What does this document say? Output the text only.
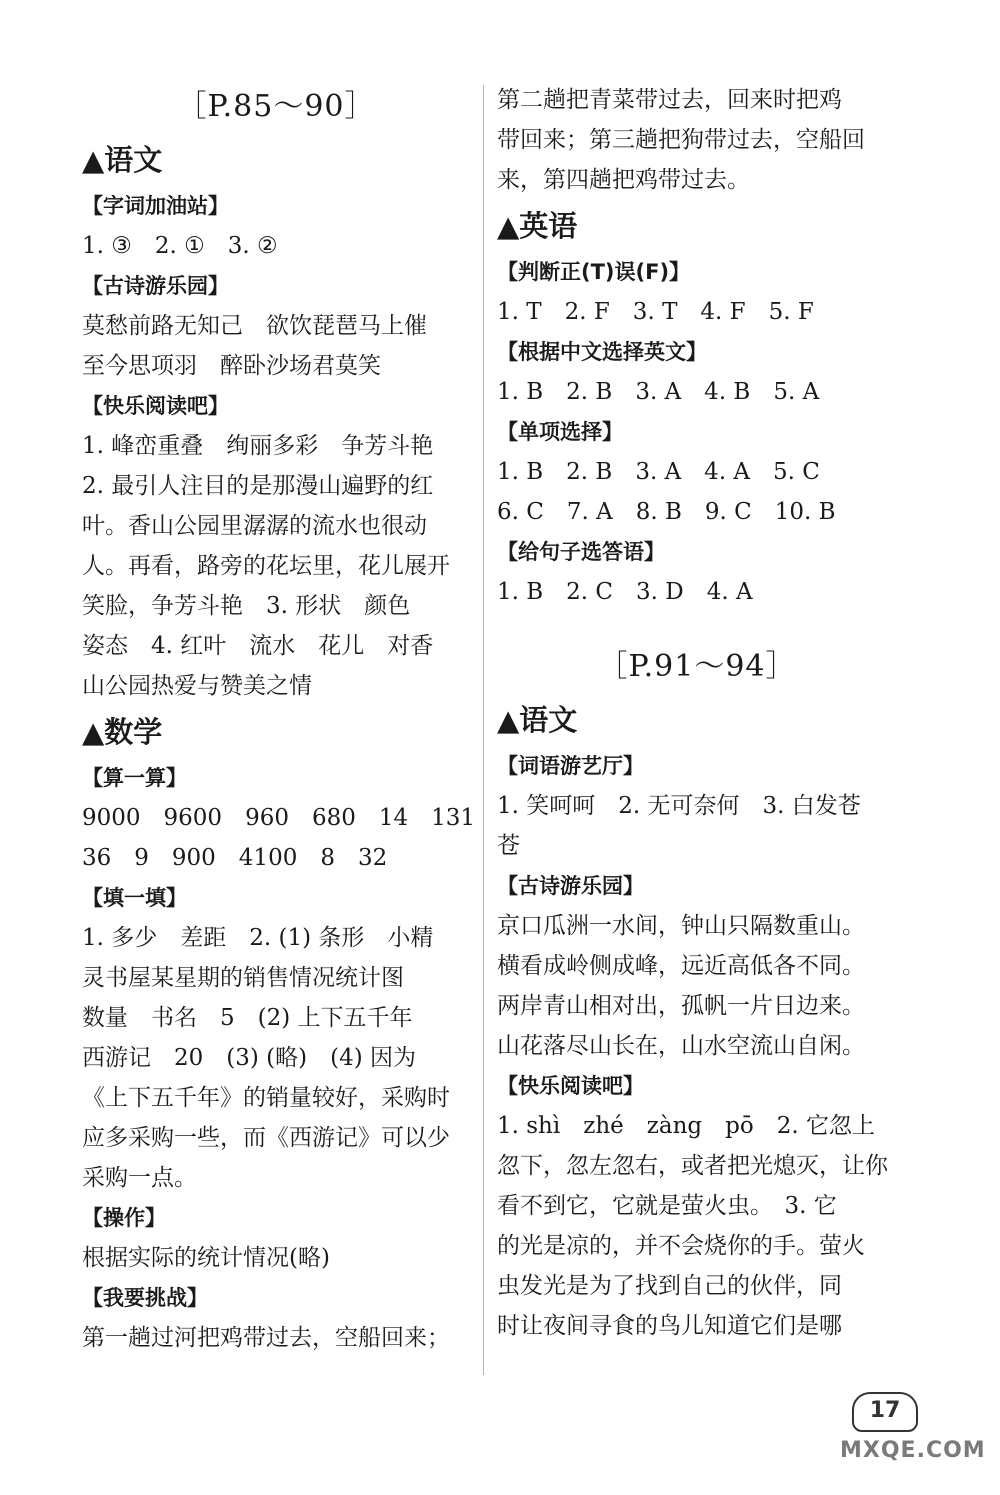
［P.85～90］
▲语文
【字词加油站】
1. ③　2. ①　3. ②
【古诗游乐园】
莫愁前路无知己　欲饮琵琶马上催
至今思项羽　醉卧沙场君莫笑
【快乐阅读吧】
1. 峰峦重叠　绚丽多彩　争芳斗艳
2. 最引人注目的是那漫山遍野的红
叶。香山公园里潺潺的流水也很动
人。再看，路旁的花坛里，花儿展开
笑脸，争芳斗艳　3. 形状　颜色
姿态　4. 红叶　流水　花儿　对香
山公园热爱与赞美之情
▲数学
【算一算】
9000　9600　960　680　14　131
36　9　900　4100　8　32
【填一填】
1. 多少　差距　2. (1) 条形　小精
灵书屋某星期的销售情况统计图
数量　书名　5　(2) 上下五千年
西游记　20　(3) (略)　(4) 因为
《上下五千年》的销量较好，采购时
应多采购一些，而《西游记》可以少
采购一点。
【操作】
根据实际的统计情况(略)
【我要挑战】
第一趟过河把鸡带过去，空船回来；
第二趟把青菜带过去，回来时把鸡
带回来；第三趟把狗带过去，空船回
来，第四趟把鸡带过去。
▲英语
【判断正(T)误(F)】
1. T　2. F　3. T　4. F　5. F
【根据中文选择英文】
1. B　2. B　3. A　4. B　5. A
【单项选择】
1. B　2. B　3. A　4. A　5. C
6. C　7. A　8. B　9. C　10. B
【给句子选答语】
1. B　2. C　3. D　4. A
［P.91～94］
▲语文
【词语游艺厅】
1. 笑呵呵　2. 无可奈何　3. 白发苍
苍
【古诗游乐园】
京口瓜洲一水间，钟山只隔数重山。
横看成岭侧成峰，远近高低各不同。
两岸青山相对出，孤帆一片日边来。
山花落尽山长在，山水空流山自闲。
【快乐阅读吧】
1. shì　zhé　zàng　pō　2. 它忽上
忽下，忽左忽右，或者把光熄灭，让你
看不到它，它就是萤火虫。　3. 它
的光是凉的，并不会烧你的手。萤火
虫发光是为了找到自己的伙伴，同
时让夜间寻食的鸟儿知道它们是哪
17
MXQE.COM
